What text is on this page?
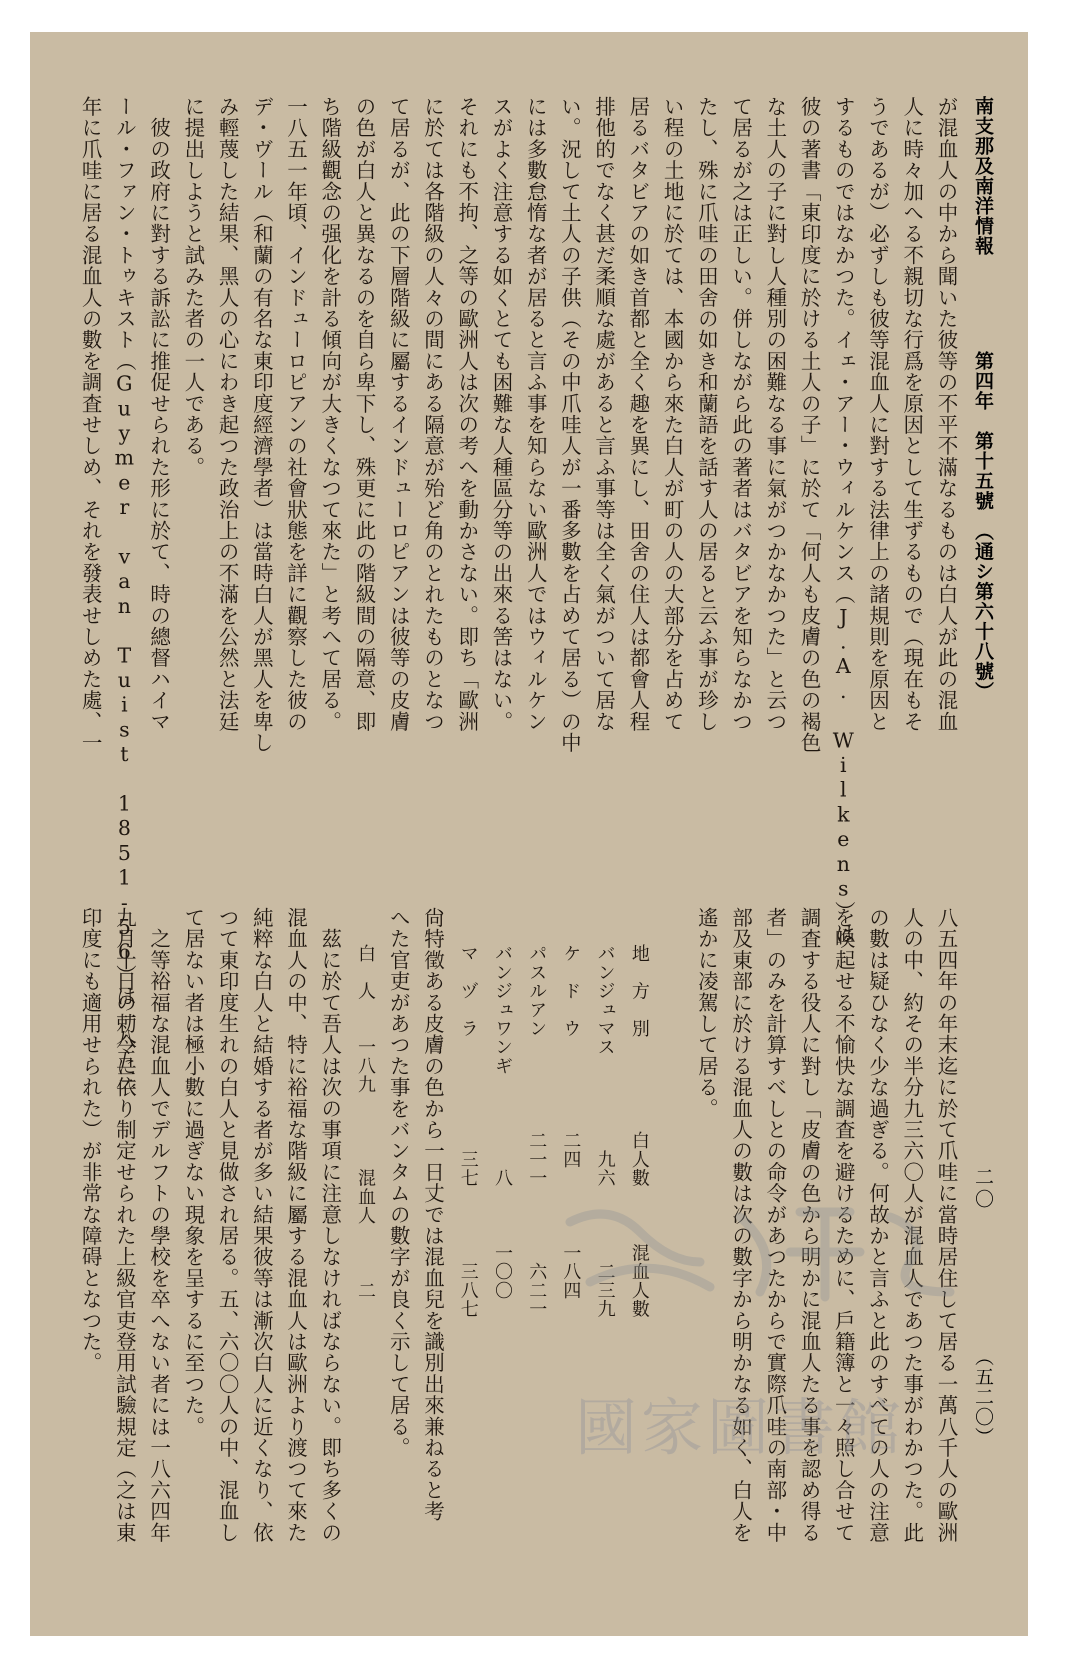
南支那及南洋情報
第四年　第十五號　（通シ第六十八號）
二〇
（五二〇）
が混血人の中から聞いた彼等の不平不滿なるものは白人が此の混血
人に時々加へる不親切な行爲を原因として生ずるもので（現在もそ
うであるが）必ずしも彼等混血人に對する法律上の諸規則を原因と
するものではなかつた。イェ・アー・ウィルケンス（J.A. Wilkens）は
彼の著書「東印度に於ける土人の子」に於て「何人も皮膚の色の褐色
な土人の子に對し人種別の困難なる事に氣がつかなかつた」と云つ
て居るが之は正しい。併しながら此の著者はバタビアを知らなかつ
たし、殊に爪哇の田舍の如き和蘭語を話す人の居ると云ふ事が珍し
い程の土地に於ては、本國から來た白人が町の人の大部分を占めて
居るバタビアの如き首都と全く趣を異にし、田舍の住人は都會人程
排他的でなく甚だ柔順な處があると言ふ事等は全く氣がついて居な
い。況して土人の子供（その中爪哇人が一番多數を占めて居る）の中
には多數怠惰な者が居ると言ふ事を知らない歐洲人ではウィルケン
スがよく注意する如くとても困難な人種區分等の出來る筈はない。
それにも不拘、之等の歐洲人は次の考へを動かさない。即ち「歐洲
に於ては各階級の人々の間にある隔意が殆ど角のとれたものとなつ
て居るが、此の下層階級に屬するインドューロピアンは彼等の皮膚
の色が白人と異なるのを自ら卑下し、殊更に此の階級間の隔意、即
ち階級觀念の强化を計る傾向が大きくなつて來た」と考へて居る。
一八五一年頃、インドューロピアンの社會狀態を詳に觀察した彼の
デ・ヴール（和蘭の有名な東印度經濟學者）は當時白人が黑人を卑し
み輕蔑した結果、黑人の心にわき起つた政治上の不滿を公然と法廷
に提出しようと試みた者の一人である。
　彼の政府に對する訴訟に推促せられた形に於て、時の總督ハイマ
ール・ファン・トゥキスト（Guymer van Tuist 1851-56）は一八五三
年に爪哇に居る混血人の數を調査せしめ、それを發表せしめた處、一
八五四年の年末迄に於て爪哇に當時居住して居る一萬八千人の歐洲
人の中、約その半分九三六〇人が混血人であつた事がわかつた。此
の數は疑ひなく少な過ぎる。何故かと言ふと此のすべての人の注意
を喚起せる不愉快な調査を避けるために、戶籍簿と一々照し合せて
調査する役人に對し「皮膚の色から明かに混血人たる事を認め得る
者」のみを計算すべしとの命令があつたからで實際爪哇の南部・中
部及東部に於ける混血人の數は次の數字から明かなる如く、白人を
遙かに凌駕して居る。
　　地　方　別　　　　　白人數　　　混血人數
　　バンジュマス　　　　　九六　　　　二三九
　　ケ　ド　ウ　　　　　二四　　　　一八四
　　パスルアン　　　　　二一一　　　　六二一
　　バンジュワンギ　　　　　八　　　一〇〇
　　マ　ヅ　ラ　　　　　　三七　　　　三八七
尙特徵ある皮膚の色から一日丈では混血兒を識別出來兼ねると考
へた官吏があつた事をバンタムの數字が良く示して居る。
　　白　人　　一八九　　　　混血人　　　二
　茲に於て吾人は次の事項に注意しなければならない。即ち多くの
混血人の中、特に裕福な階級に屬する混血人は歐洲より渡つて來た
純粹な白人と結婚する者が多い結果彼等は漸次白人に近くなり、依
つて東印度生れの白人と見做され居る。五、六〇〇人の中、混血し
て居ない者は極小數に過ぎない現象を呈するに至つた。
　之等裕福な混血人でデルフトの學校を卒へない者には一八六四年
九月十日の勅令に依り制定せられた上級官吏登用試驗規定（之は東
印度にも適用せられた）が非常な障碍となつた。
國家圖書館
